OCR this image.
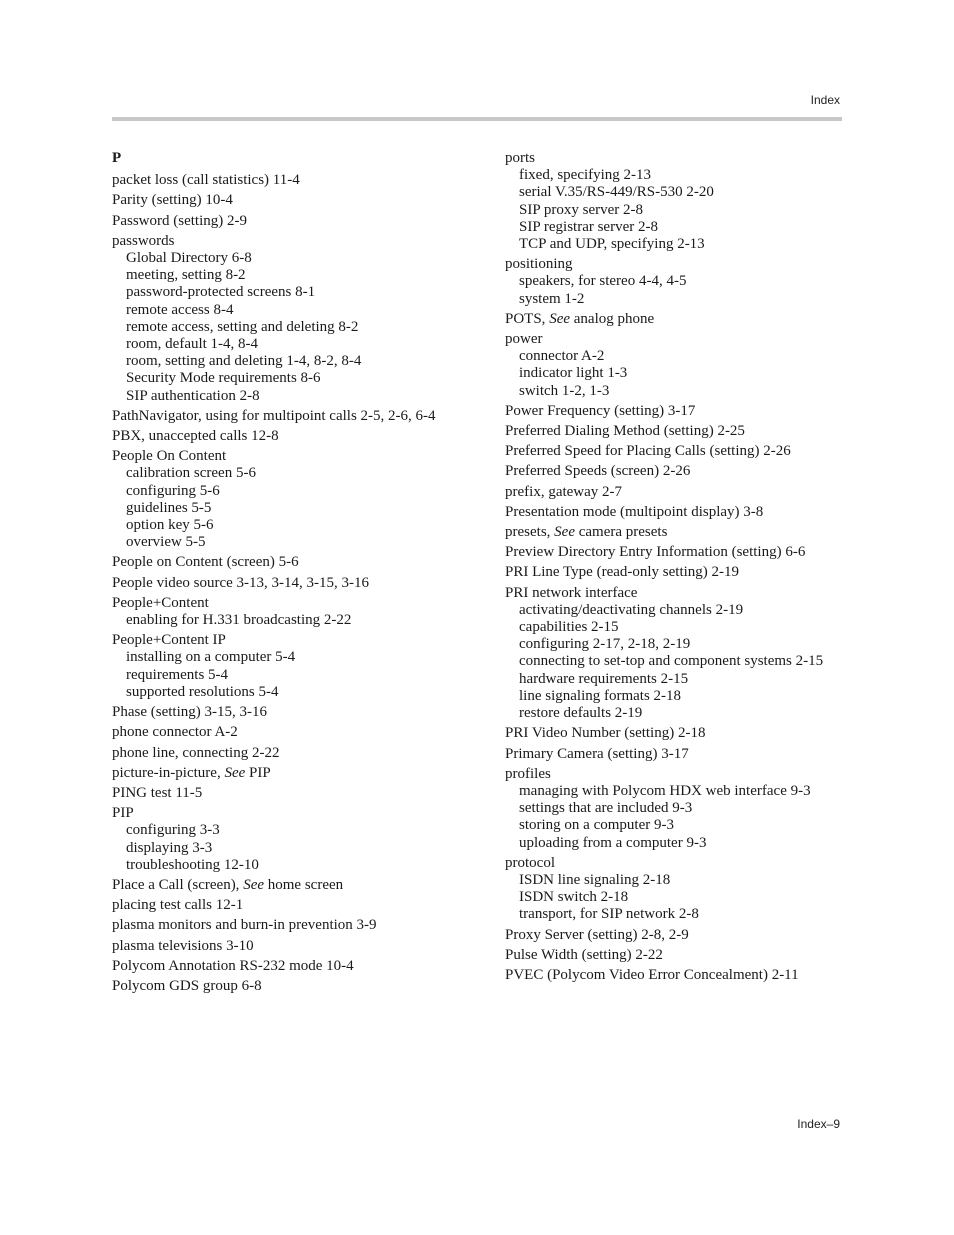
Index
P
packet loss (call statistics) 11-4
Parity (setting) 10-4
Password (setting) 2-9
passwords
Global Directory 6-8
meeting, setting 8-2
password-protected screens 8-1
remote access 8-4
remote access, setting and deleting 8-2
room, default 1-4, 8-4
room, setting and deleting 1-4, 8-2, 8-4
Security Mode requirements 8-6
SIP authentication 2-8
PathNavigator, using for multipoint calls 2-5, 2-6, 6-4
PBX, unaccepted calls 12-8
People On Content
calibration screen 5-6
configuring 5-6
guidelines 5-5
option key 5-6
overview 5-5
People on Content (screen) 5-6
People video source 3-13, 3-14, 3-15, 3-16
People+Content
enabling for H.331 broadcasting 2-22
People+Content IP
installing on a computer 5-4
requirements 5-4
supported resolutions 5-4
Phase (setting) 3-15, 3-16
phone connector A-2
phone line, connecting 2-22
picture-in-picture, See PIP
PING test 11-5
PIP
configuring 3-3
displaying 3-3
troubleshooting 12-10
Place a Call (screen), See home screen
placing test calls 12-1
plasma monitors and burn-in prevention 3-9
plasma televisions 3-10
Polycom Annotation RS-232 mode 10-4
Polycom GDS group 6-8
ports
fixed, specifying 2-13
serial V.35/RS-449/RS-530 2-20
SIP proxy server 2-8
SIP registrar server 2-8
TCP and UDP, specifying 2-13
positioning
speakers, for stereo 4-4, 4-5
system 1-2
POTS, See analog phone
power
connector A-2
indicator light 1-3
switch 1-2, 1-3
Power Frequency (setting) 3-17
Preferred Dialing Method (setting) 2-25
Preferred Speed for Placing Calls (setting) 2-26
Preferred Speeds (screen) 2-26
prefix, gateway 2-7
Presentation mode (multipoint display) 3-8
presets, See camera presets
Preview Directory Entry Information (setting) 6-6
PRI Line Type (read-only setting) 2-19
PRI network interface
activating/deactivating channels 2-19
capabilities 2-15
configuring 2-17, 2-18, 2-19
connecting to set-top and component systems 2-15
hardware requirements 2-15
line signaling formats 2-18
restore defaults 2-19
PRI Video Number (setting) 2-18
Primary Camera (setting) 3-17
profiles
managing with Polycom HDX web interface 9-3
settings that are included 9-3
storing on a computer 9-3
uploading from a computer 9-3
protocol
ISDN line signaling 2-18
ISDN switch 2-18
transport, for SIP network 2-8
Proxy Server (setting) 2-8, 2-9
Pulse Width (setting) 2-22
PVEC (Polycom Video Error Concealment) 2-11
Index–9
